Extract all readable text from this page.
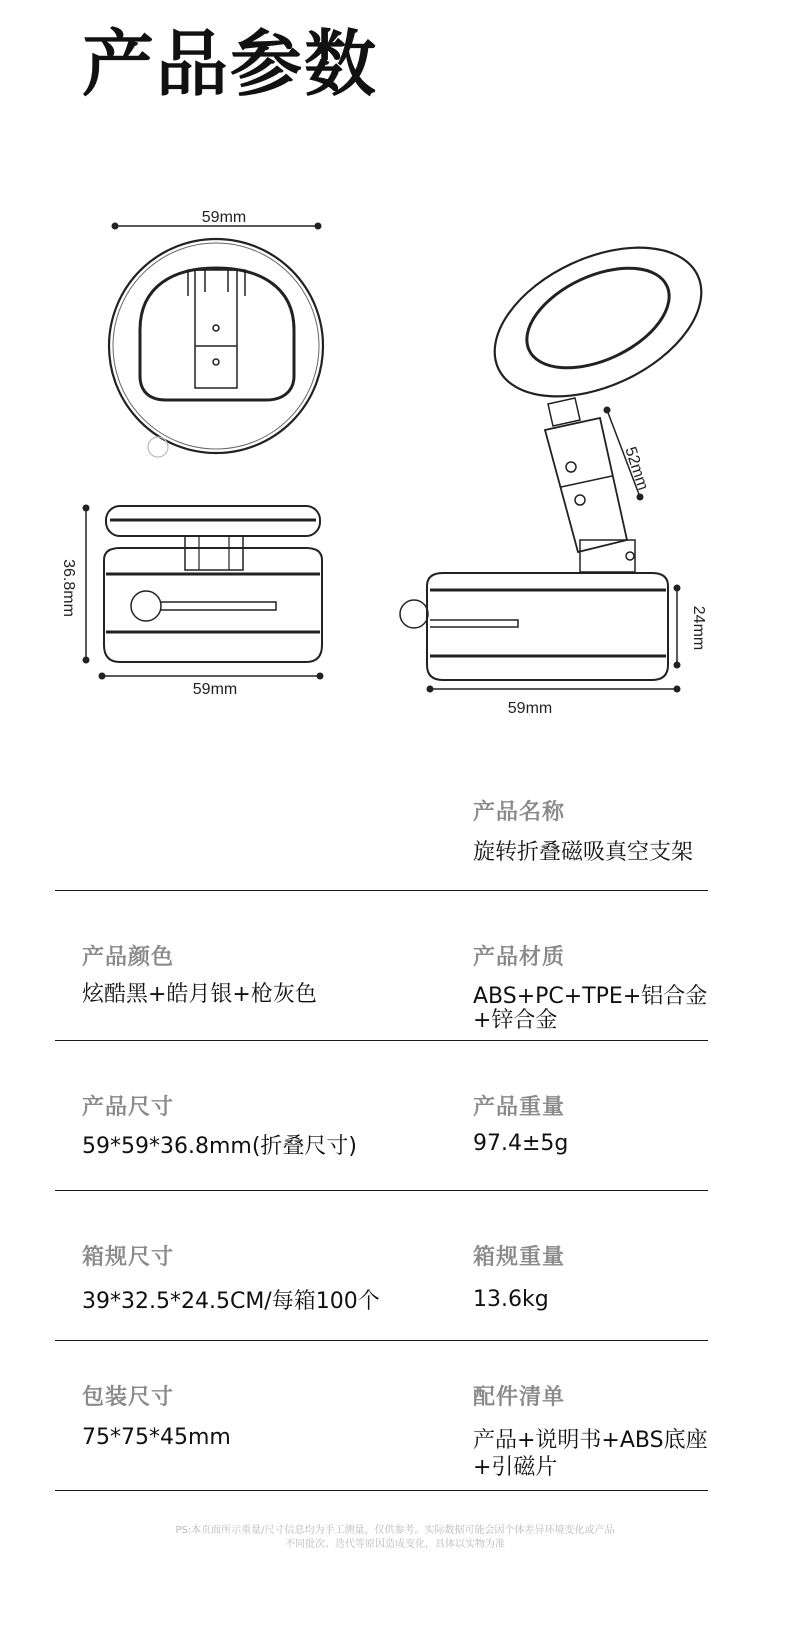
产品参数
59mm
59mm
36.8mm
52mm
24mm
59mm
产品名称
旋转折叠磁吸真空支架
产品颜色
炫酷黑+皓月银+枪灰色
产品材质
ABS+PC+TPE+铝合金
+锌合金
产品尺寸
59*59*36.8mm(折叠尺寸)
产品重量
97.4±5g
箱规尺寸
39*32.5*24.5CM/每箱100个
箱规重量
13.6kg
包装尺寸
75*75*45mm
配件清单
产品+说明书+ABS底座
+引磁片
PS:本页面所示重量/尺寸信息均为手工测量，仅供参考。实际数据可能会因个体差异环境变化或产品
不同批次、迭代等原因造成变化，具体以实物为准
